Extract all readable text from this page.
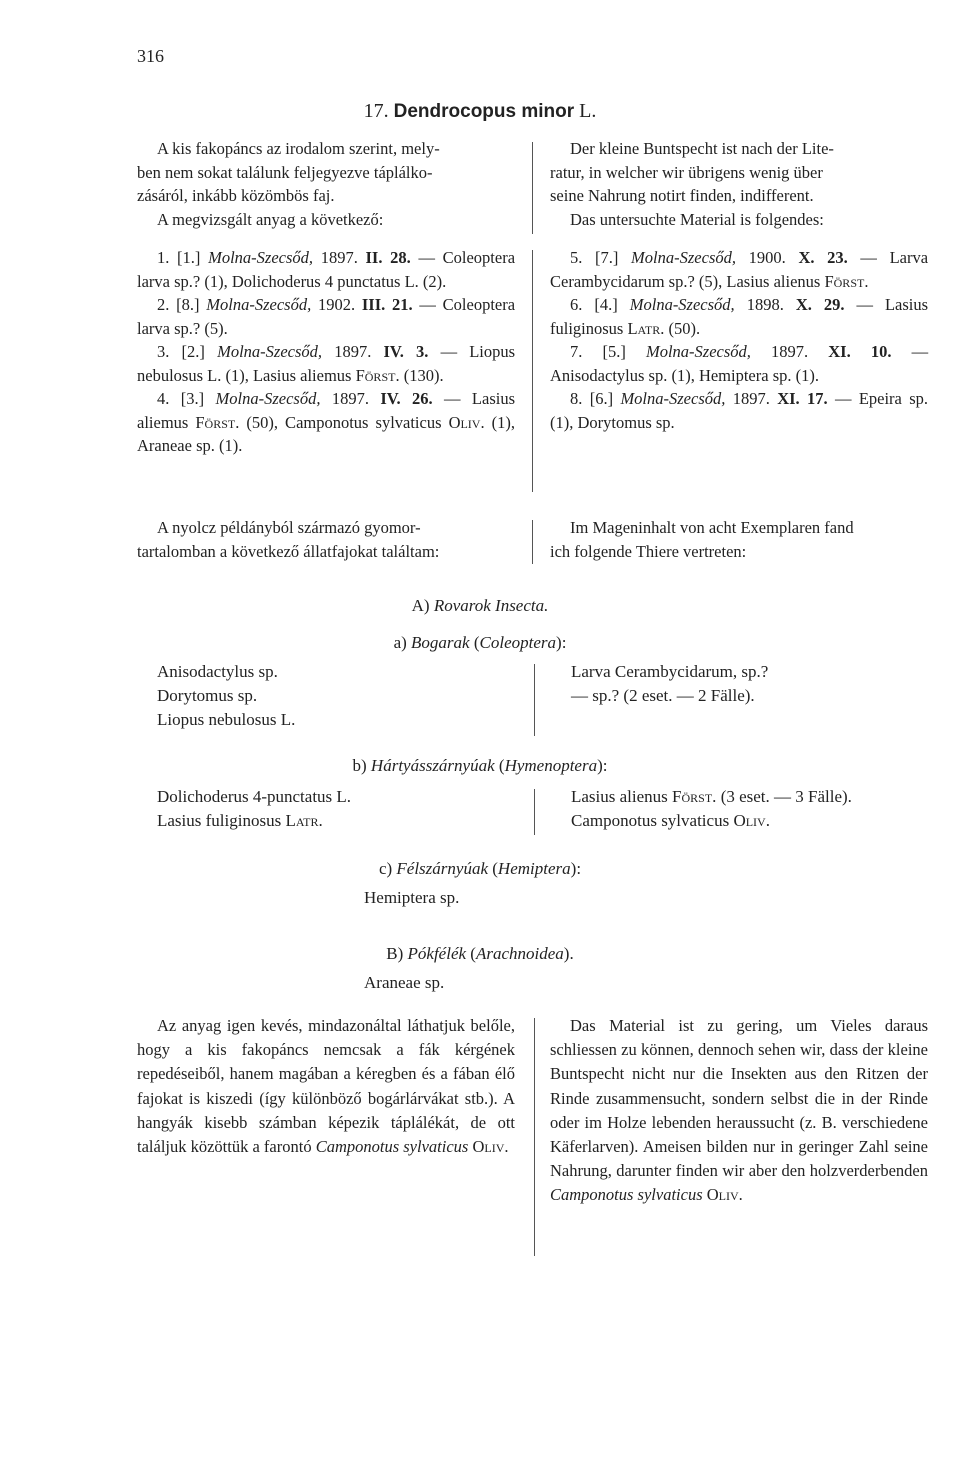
316
17. Dendrocopus minor L.
A kis fakopáncs az irodalom szerint, mely-
ben nem sokat találunk feljegyezve táplálko-
zásáról, inkább közömbös faj.
A megvizsgált anyag a következő:
Der kleine Buntspecht ist nach der Lite-
ratur, in welcher wir übrigens wenig über
seine Nahrung notirt finden, indifferent.
Das untersuchte Material is folgendes:

1. [1.] Molna-Szecsőd, 1897. II. 28. — Coleoptera larva sp.? (1), Dolichoderus 4 punctatus L. (2).

2. [8.] Molna-Szecsőd, 1902. III. 21. — Coleoptera larva sp.? (5).

3. [2.] Molna-Szecsőd, 1897. IV. 3. — Liopus nebulosus L. (1), Lasius aliemus Först. (130).

4. [3.] Molna-Szecsőd, 1897. IV. 26. — Lasius aliemus Först. (50), Camponotus sylvaticus Oliv. (1), Araneae sp. (1).

5. [7.] Molna-Szecsőd, 1900. X. 23. — Larva Cerambycidarum sp.? (5), Lasius alienus Först.

6. [4.] Molna-Szecsőd, 1898. X. 29. — Lasius fuliginosus Latr. (50).

7. [5.] Molna-Szecsőd, 1897. XI. 10. — Anisodactylus sp. (1), Hemiptera sp. (1).

8. [6.] Molna-Szecsőd, 1897. XI. 17. — Epeira sp. (1), Dorytomus sp.

A nyolcz példányból származó gyomor-
tartalomban a következő állatfajokat találtam:
Im Mageninhalt von acht Exemplaren fand
ich folgende Thiere vertreten:
A) Rovarok Insecta.
a) Bogarak (Coleoptera):
Anisodactylus sp.
Dorytomus sp.
Liopus nebulosus L.
Larva Cerambycidarum, sp.?
— sp.? (2 eset. — 2 Fälle).
b) Hártyásszárnyúak (Hymenoptera):
Dolichoderus 4-punctatus L.
Lasius fuliginosus Latr.
Lasius alienus Först. (3 eset. — 3 Fälle).
Camponotus sylvaticus Oliv.
c) Félszárnyúak (Hemiptera):
Hemiptera sp.
B) Pókfélék (Arachnoidea).
Araneae sp.

Az anyag igen kevés, mindazonáltal láthatjuk belőle, hogy a kis fakopáncs nemcsak a fák kérgének repedéseiből, hanem magában a kéregben és a fában élő fajokat is kiszedi (így különböző bogárlárvákat stb.). A hangyák kisebb számban képezik táplálékát, de ott találjuk közöttük a farontó Camponotus sylvaticus Oliv.

Das Material ist zu gering, um Vieles daraus schliessen zu können, dennoch sehen wir, dass der kleine Buntspecht nicht nur die Insekten aus den Ritzen der Rinde zusammensucht, sondern selbst die in der Rinde oder im Holze lebenden heraussucht (z. B. verschiedene Käferlarven). Ameisen bilden nur in geringer Zahl seine Nahrung, darunter finden wir aber den holzverderbenden Camponotus sylvaticus Oliv.
